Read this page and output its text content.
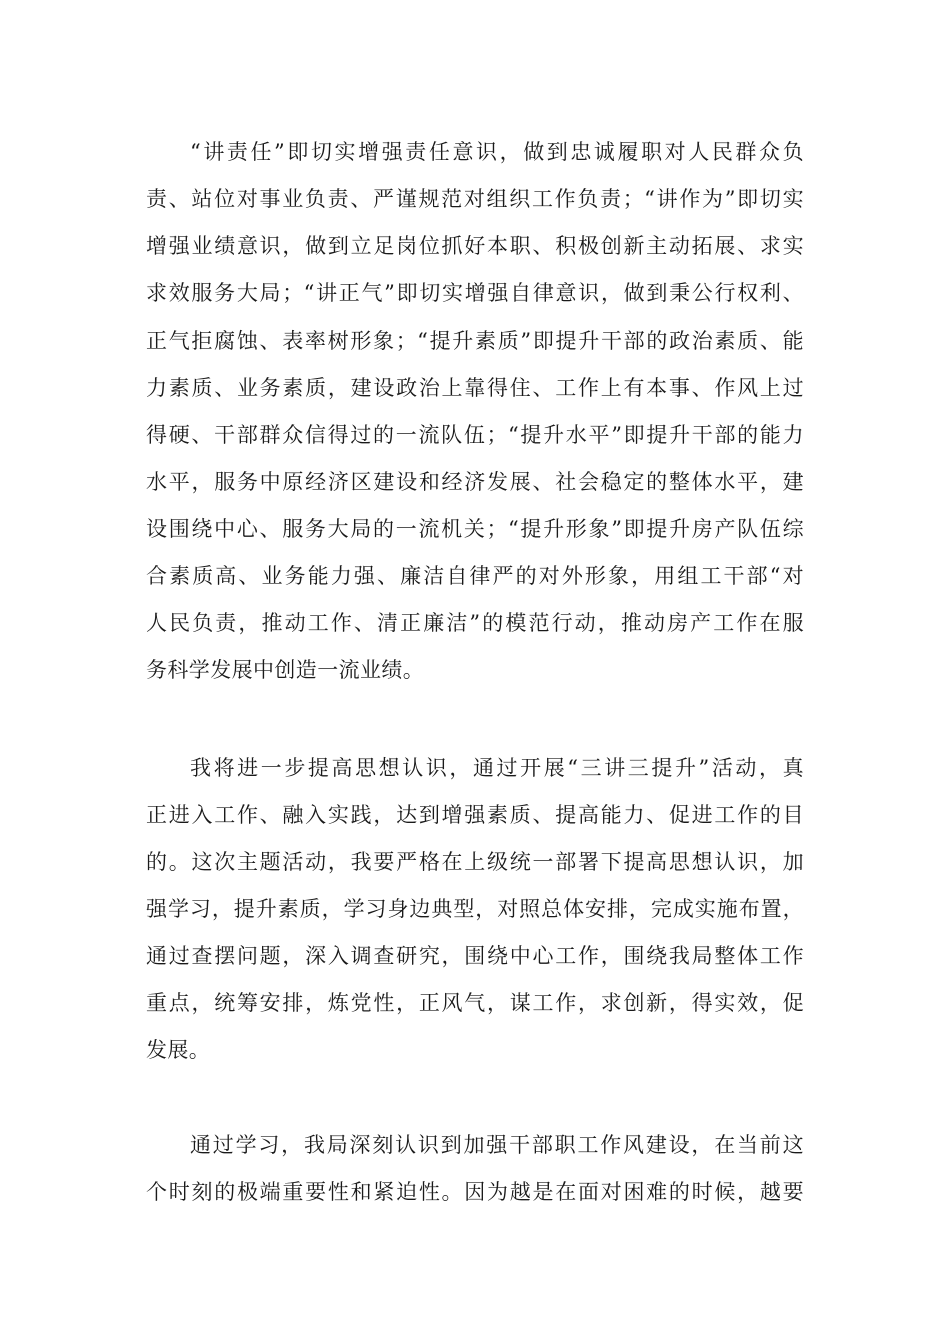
“讲责任”即切实增强责任意识，做到忠诚履职对人民群众负
责、站位对事业负责、严谨规范对组织工作负责；“讲作为”即切实
增强业绩意识，做到立足岗位抓好本职、积极创新主动拓展、求实
求效服务大局；“讲正气”即切实增强自律意识，做到秉公行权利、
正气拒腐蚀、表率树形象；“提升素质”即提升干部的政治素质、能
力素质、业务素质，建设政治上靠得住、工作上有本事、作风上过
得硬、干部群众信得过的一流队伍；“提升水平”即提升干部的能力
水平，服务中原经济区建设和经济发展、社会稳定的整体水平，建
设围绕中心、服务大局的一流机关；“提升形象”即提升房产队伍综
合素质高、业务能力强、廉洁自律严的对外形象，用组工干部“对
人民负责，推动工作、清正廉洁”的模范行动，推动房产工作在服
务科学发展中创造一流业绩。
我将进一步提高思想认识，通过开展“三讲三提升”活动，真
正进入工作、融入实践，达到增强素质、提高能力、促进工作的目
的。这次主题活动，我要严格在上级统一部署下提高思想认识，加
强学习，提升素质，学习身边典型，对照总体安排，完成实施布置，
通过查摆问题，深入调查研究，围绕中心工作，围绕我局整体工作
重点，统筹安排，炼党性，正风气，谋工作，求创新，得实效，促
发展。
通过学习，我局深刻认识到加强干部职工作风建设，在当前这
个时刻的极端重要性和紧迫性。因为越是在面对困难的时候，越要
